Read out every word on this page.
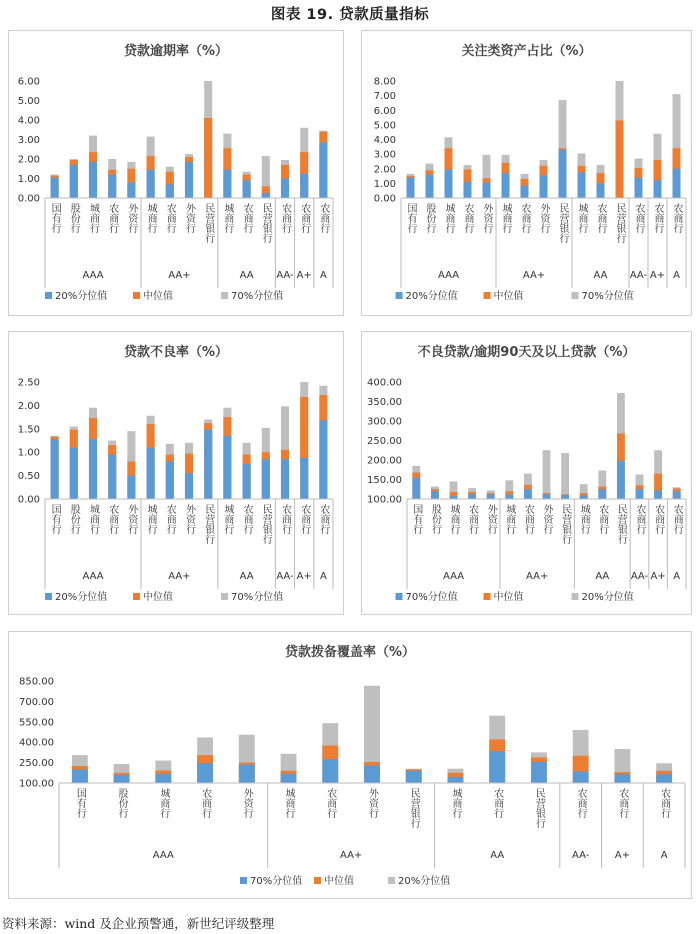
图表 19. 贷款质量指标
贷款逾期率（%）
0.00
1.00
2.00
3.00
4.00
5.00
6.00
国有行 股份行 城商行 农商行 外资行 城商行 农商行 外资行 民营银行 城商行 农商行 民营银行 农商行 农商行 农商行
AAA	AA+	AA AA- A+ A
20%分位值	中位值	70%分位值
关注类资产占比（%）
0.00
1.00
2.00
3.00
4.00
5.00
6.00
7.00
8.00
国有行 股份行 城商行 农商行 外资行 城商行 农商行 外资行 民营银行 城商行 农商行 民营银行 农商行 农商行 农商行
AAA	AA+	AA AA- A+ A
20%分位值	中位值	70%分位值
贷款不良率（%）
0.00
0.50
1.00
1.50
2.00
2.50
国有行 股份行 城商行 农商行 外资行 城商行 农商行 外资行 民营银行 城商行 农商行 民营银行 农商行 农商行 农商行
AAA	AA+	AA AA- A+ A
20%分位值	中位值	70%分位值
不良贷款/逾期90天及以上贷款（%）
100.00
150.00
200.00
250.00
300.00
350.00
400.00
国有行 股份行 城商行 农商行 外资行 城商行 农商行 外资行 民营银行 城商行 农商行 民营银行 农商行 农商行 农商行
AAA	AA+	AA AA- A+ A
70%分位值	中位值	20%分位值
贷款拨备覆盖率（%）
100.00
250.00
400.00
550.00
700.00
850.00
国有行	股份行	城商行	农商行	外资行	城商行	农商行	外资行	民营银行	城商行	农商行	民营银行	农商行	农商行	农商行
AAA	AA+	AA	AA-	A+	A
70%分位值 中位值	20%分位值
资料来源：wind 及企业预警通，新世纪评级整理
